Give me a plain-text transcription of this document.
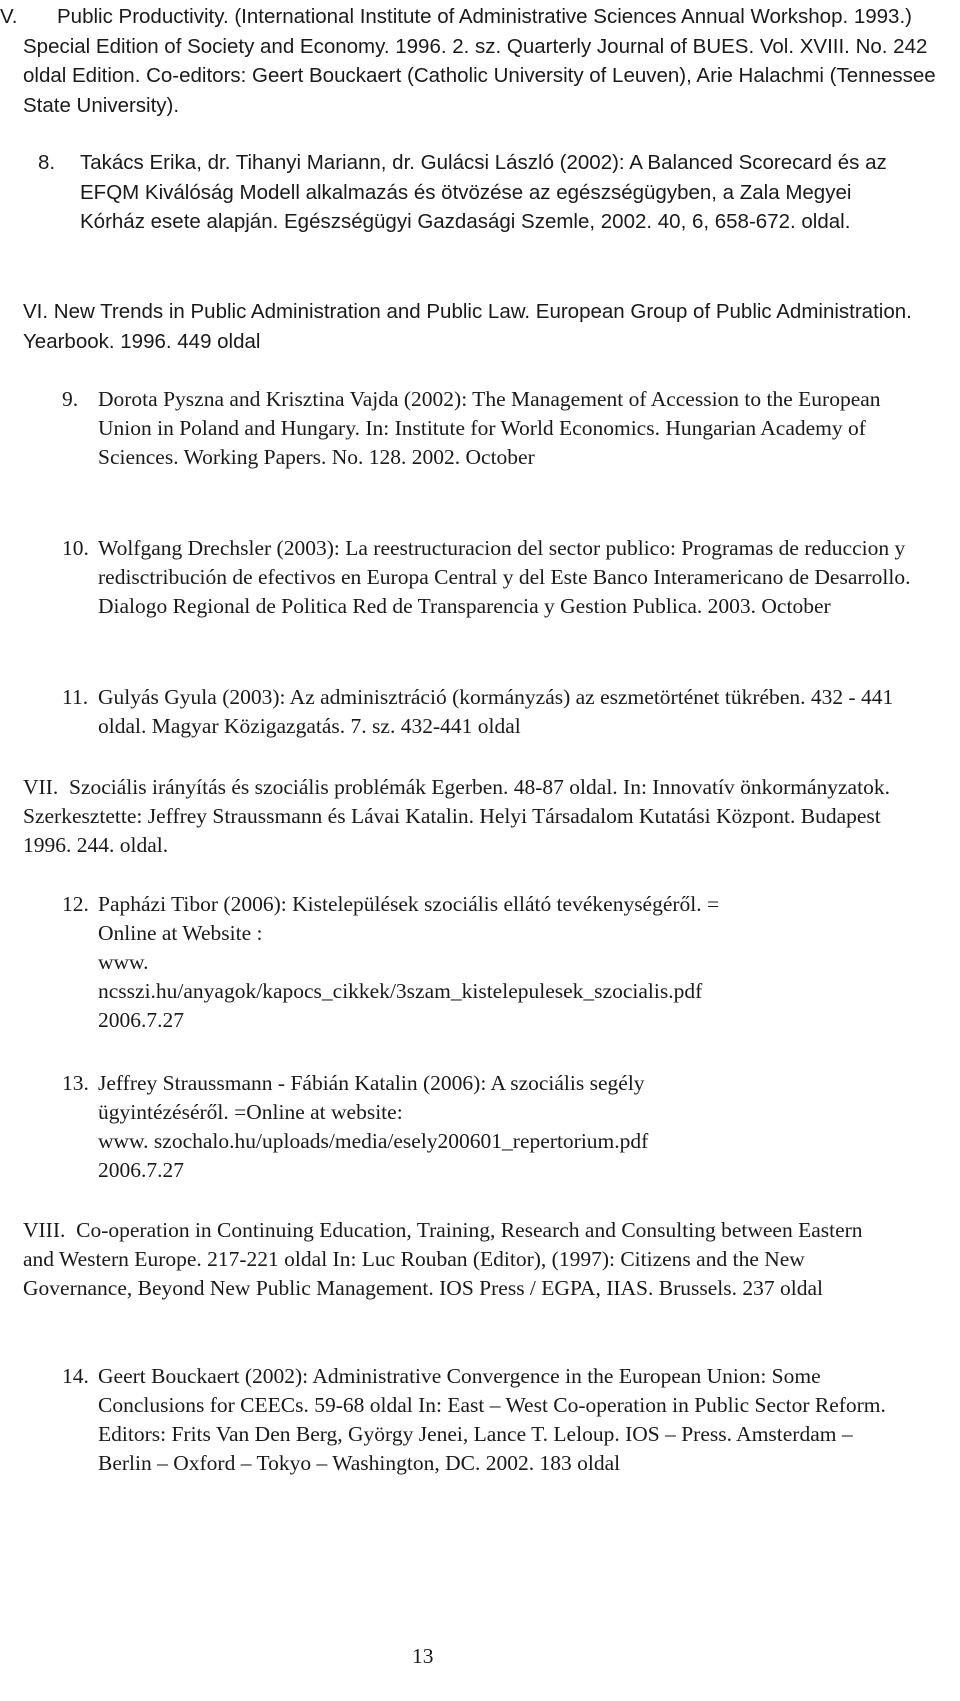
V.	Public Productivity. (International Institute of Administrative Sciences Annual Workshop. 1993.) Special Edition of Society and Economy. 1996. 2. sz. Quarterly Journal of BUES. Vol. XVIII. No. 242 oldal Edition. Co-editors: Geert Bouckaert (Catholic University of Leuven), Arie Halachmi (Tennessee State University).
8. Takács Erika, dr. Tihanyi Mariann, dr. Gulácsi László (2002): A Balanced Scorecard és az EFQM Kiválóság Modell alkalmazás és ötvözése az egészségügyben, a Zala Megyei Kórház esete alapján. Egészségügyi Gazdasági Szemle, 2002. 40, 6, 658-672. oldal.
VI. New Trends in Public Administration and Public Law. European Group of Public Administration. Yearbook. 1996. 449 oldal
9. Dorota Pyszna and Krisztina Vajda (2002): The Management of Accession to the European Union in Poland and Hungary. In: Institute for World Economics. Hungarian Academy of Sciences. Working Papers. No. 128. 2002. October
10. Wolfgang Drechsler (2003): La reestructuracion del sector publico: Programas de reduccion y redisctribución de efectivos en Europa Central y del Este Banco Interamericano de Desarrollo. Dialogo Regional de Politica Red de Transparencia y Gestion Publica. 2003. October
11. Gulyás Gyula (2003): Az adminisztráció (kormányzás) az eszmetörténet tükrében. 432 - 441 oldal. Magyar Közigazgatás. 7. sz. 432-441 oldal
VII. Szociális irányítás és szociális problémák Egerben. 48-87 oldal. In: Innovatív önkormányzatok. Szerkesztette: Jeffrey Straussmann és Lávai Katalin. Helyi Társadalom Kutatási Központ. Budapest 1996. 244. oldal.
12. Papházi Tibor (2006): Kistelepülések szociális ellátó tevékenységéről. =
Online at Website :
www.
ncsszi.hu/anyagok/kapocs_cikkek/3szam_kistelepulesek_szocialis.pdf
2006.7.27
13. Jeffrey Straussmann - Fábián Katalin (2006): A szociális segély
ügyintézéséről. =Online at website:
www. szochalo.hu/uploads/media/esely200601_repertorium.pdf
2006.7.27
VIII. Co-operation in Continuing Education, Training, Research and Consulting between Eastern and Western Europe. 217-221 oldal In: Luc Rouban (Editor), (1997): Citizens and the New Governance, Beyond New Public Management. IOS Press / EGPA, IIAS. Brussels. 237 oldal
14. Geert Bouckaert (2002): Administrative Convergence in the European Union: Some Conclusions for CEECs. 59-68 oldal In: East – West Co-operation in Public Sector Reform. Editors: Frits Van Den Berg, György Jenei, Lance T. Leloup. IOS – Press. Amsterdam – Berlin – Oxford – Tokyo – Washington, DC. 2002. 183 oldal
13
